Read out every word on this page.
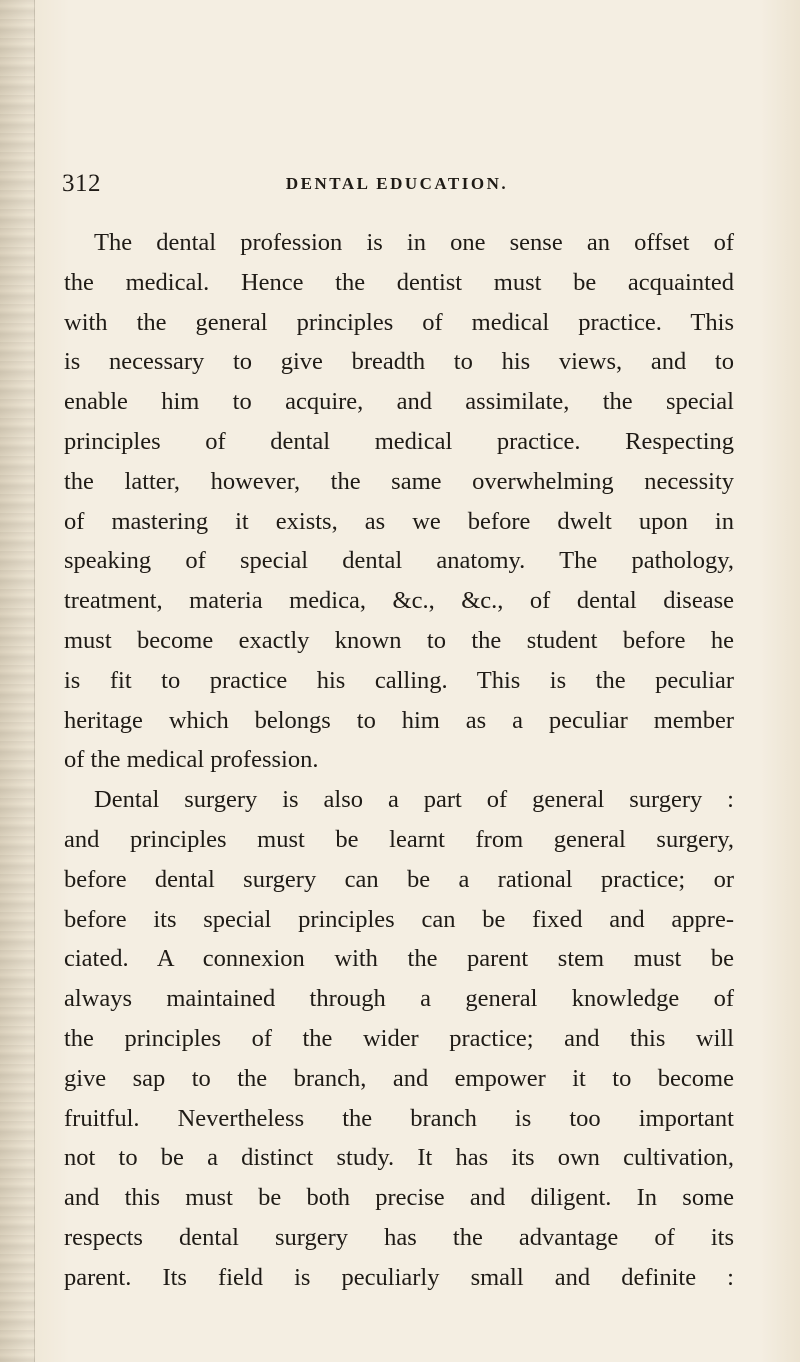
312	DENTAL EDUCATION.
The dental profession is in one sense an offset of
the medical. Hence the dentist must be acquainted
with the general principles of medical practice. This
is necessary to give breadth to his views, and to
enable him to acquire, and assimilate, the special
principles of dental medical practice. Respecting
the latter, however, the same overwhelming necessity
of mastering it exists, as we before dwelt upon in
speaking of special dental anatomy. The pathology,
treatment, materia medica, &c., &c., of dental disease
must become exactly known to the student before he
is fit to practice his calling. This is the peculiar
heritage which belongs to him as a peculiar member
of the medical profession.
Dental surgery is also a part of general surgery :
and principles must be learnt from general surgery,
before dental surgery can be a rational practice; or
before its special principles can be fixed and appre-
ciated. A connexion with the parent stem must be
always maintained through a general knowledge of
the principles of the wider practice; and this will
give sap to the branch, and empower it to become
fruitful. Nevertheless the branch is too important
not to be a distinct study. It has its own cultivation,
and this must be both precise and diligent. In some
respects dental surgery has the advantage of its
parent. Its field is peculiarly small and definite :
